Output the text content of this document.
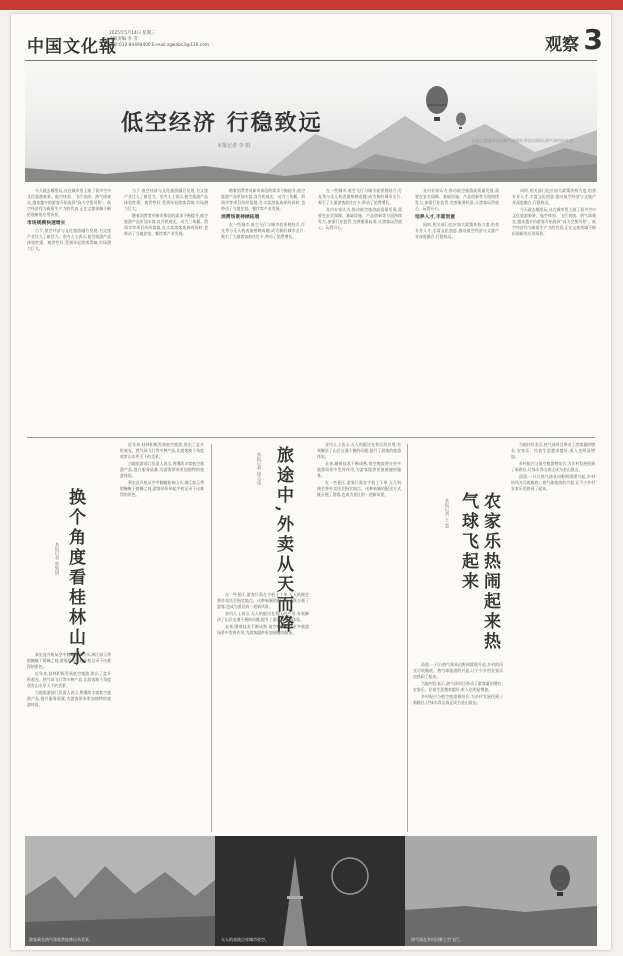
中国文化報
2025年5月14日 星期三
本版责编 李 雪
电话:010-84494400 E-mail:zgwhbs3@126.com	观察 3
在浙江德清举办的热气球嘉年华活动现场,热气球冉冉升空。
低空经济 行稳致远
本报记者 李 娟

今天就去哪里玩,这在城市里上演了很多空中文化旅游新景。航空体验、飞行表演、热气球观光,越来越多的游客开始选择“向天空要风景”。低空经济作为新质生产力的代表,正在文旅领域不断拓展新的应用场景。

市场规模快速增长

当下,低空经济与文化旅游融合发展,为文旅产业注入了新活力。业内人士表示,低空旅游产品体验性强、观赏性好,受到年轻游客青睐,市场潜力巨大。

当下,低空经济与文化旅游融合发展,为文旅产业注入了新活力。业内人士表示,低空旅游产品体验性强、观赏性好,受到年轻游客青睐,市场潜力巨大。

随着消费者对新奇体验的需求不断提升,低空旅游产品更加丰富,直升机观光、动力三角翼、滑翔伞等项目纷纷落地,在丰富游客选择的同时,也带动了当地住宿、餐饮等产业发展。

随着消费者对新奇体验的需求不断提升,低空旅游产品更加丰富,直升机观光、动力三角翼、滑翔伞等项目纷纷落地,在丰富游客选择的同时,也带动了当地住宿、餐饮等产业发展。

消费场景持续拓展

在一些城市,低空飞行与城市夜景相结合,灯光秀与无人机表演相映成趣,成为新的城市名片,吸引了大量游客前往打卡,带动了消费增长。

在一些城市,低空飞行与城市夜景相结合,灯光秀与无人机表演相映成趣,成为新的城市名片,吸引了大量游客前往打卡,带动了消费增长。

业内专家认为,推动低空旅游高质量发展,需要在安全保障、基础设施、产品创新等方面持续发力,加强行业监管,完善服务标准,让游客玩得放心、玩得开心。

业内专家认为,推动低空旅游高质量发展,需要在安全保障、基础设施、产品创新等方面持续发力,加强行业监管,完善服务标准,让游客玩得放心、玩得开心。

培养人才,丰富创意

同时,相关部门也应加大政策扶持力度,培养专业人才,丰富文化创意,推动低空经济与文旅产业深度融合,行稳致远。

同时,相关部门也应加大政策扶持力度,培养专业人才,丰富文化创意,推动低空经济与文旅产业深度融合,行稳致远。

今天就去哪里玩,这在城市里上演了很多空中文化旅游新景。航空体验、飞行表演、热气球观光,越来越多的游客开始选择“向天空要风景”。低空经济作为新质生产力的代表,正在文旅领域不断拓展新的应用场景。

换个角度看桂林山水
本报记者 郭凯倩

乘坐直升机从空中俯瞰桂林山水,漓江如玉带般蜿蜒于群峰之间,游客纷纷举起手机记录下这难得的景色。

近年来,桂林积极发展低空旅游,推出了直升机观光、热气球飞行等多种产品,让游客换个角度欣赏山水甲天下的美景。

当地旅游部门负责人表示,将继续丰富低空旅游产品,提升服务质量,为游客带来更加独特的旅游体验。

近年来,桂林积极发展低空旅游,推出了直升机观光、热气球飞行等多种产品,让游客换个角度欣赏山水甲天下的美景。

当地旅游部门负责人表示,将继续丰富低空旅游产品,提升服务质量,为游客带来更加独特的旅游体验。

乘坐直升机从空中俯瞰桂林山水,漓江如玉带般蜿蜒于群峰之间,游客纷纷举起手机记录下这难得的景色。	旅途中,外卖从天而降
本报记者 徐志成

在一些景区,游客只需在手机上下单,无人机便会将外卖送至指定地点。这种新颖的配送方式既方便了游客,也成为景区的一道新风景。

业内人士表示,无人机配送在景区的应用,有效解决了山区交通不便的问题,提升了游客的旅游体验。

未来,随着技术不断成熟,低空物流将在更多旅游场景中发挥作用,为游客提供更加便捷的服务。

业内人士表示,无人机配送在景区的应用,有效解决了山区交通不便的问题,提升了游客的旅游体验。

未来,随着技术不断成熟,低空物流将在更多旅游场景中发挥作用,为游客提供更加便捷的服务。

在一些景区,游客只需在手机上下单,无人机便会将外卖送至指定地点。这种新颖的配送方式既方便了游客,也成为景区的一道新风景。	农家乐热闹起来热气球飞起来
本报记者 王 慧

清晨,一只只热气球从田野间缓缓升起,乡村的风光尽收眼底。热气球旅游的兴起,让不少乡村农家乐也热闹了起来。

当地村民表示,热气球项目带动了游客量的增长,农家乐、民宿生意越来越好,收入也明显增加。

乡村振兴与低空旅游相结合,为乡村发展找到了新路径,让绿水青山真正成为金山银山。

当地村民表示,热气球项目带动了游客量的增长,农家乐、民宿生意越来越好,收入也明显增加。

乡村振兴与低空旅游相结合,为乡村发展找到了新路径,让绿水青山真正成为金山银山。

清晨,一只只热气球从田野间缓缓升起,乡村的风光尽收眼底。热气球旅游的兴起,让不少乡村农家乐也热闹了起来。

游客乘坐热气球欣赏桂林山水美景。	无人机表演点亮城市夜空。	热气球在乡村田野上空飞行。
